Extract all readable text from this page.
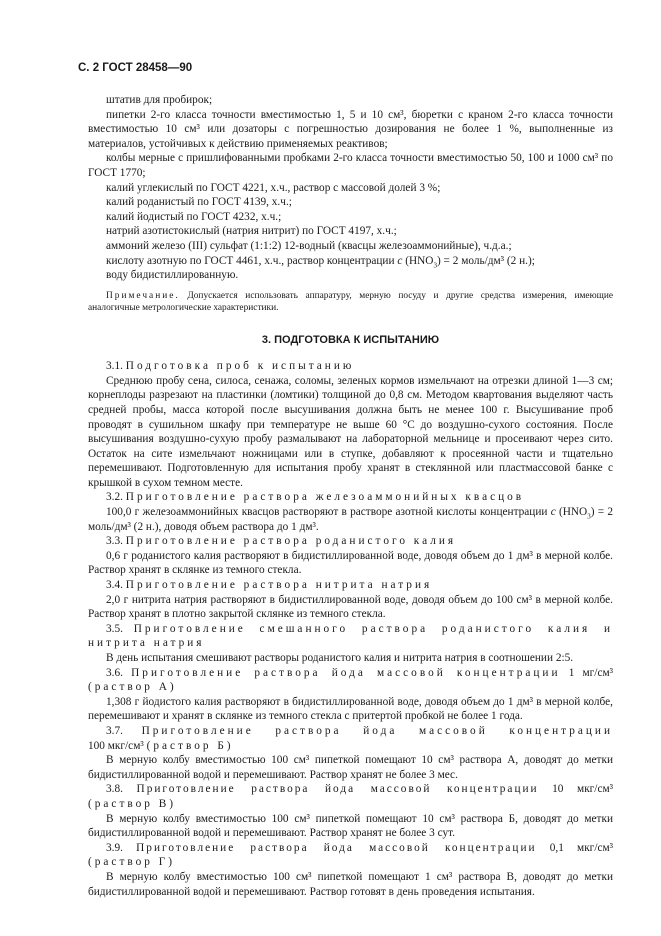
С. 2 ГОСТ 28458—90

штатив для пробирок;

пипетки 2-го класса точности вместимостью 1, 5 и 10 см³, бюретки с краном 2-го класса точности вместимостью 10 см³ или дозаторы с погрешностью дозирования не более 1 %, выполненные из материалов, устойчивых к действию применяемых реактивов;

колбы мерные с пришлифованными пробками 2-го класса точности вместимостью 50, 100 и 1000 см³ по ГОСТ 1770;

калий углекислый по ГОСТ 4221, х.ч., раствор с массовой долей 3 %;

калий роданистый по ГОСТ 4139, х.ч.;

калий йодистый по ГОСТ 4232, х.ч.;

натрий азотистокислый (натрия нитрит) по ГОСТ 4197, х.ч.;

аммоний железо (III) сульфат (1:1:2) 12-водный (квасцы железоаммонийные), ч.д.а.;

кислоту азотную по ГОСТ 4461, х.ч., раствор концентрации c $(HNO_3) = 2$ моль/дм³ (2 н.);

воду бидистиллированную.

Примечание. Допускается использовать аппаратуру, мерную посуду и другие средства измерения, имеющие аналогичные метрологические характеристики.

3. ПОДГОТОВКА К ИСПЫТАНИЮ

3.1. Подготовка проб к испытанию

Среднюю пробу сена, силоса, сенажа, соломы, зеленых кормов измельчают на отрезки длиной 1—3 см; корнеплоды разрезают на пластинки (ломтики) толщиной до 0,8 см. Методом квартования выделяют часть средней пробы, масса которой после высушивания должна быть не менее 100 г. Высушивание проб проводят в сушильном шкафу при температуре не выше 60 °С до воздушно-сухого состояния. После высушивания воздушно-сухую пробу размалывают на лабораторной мельнице и просеивают через сито. Остаток на сите измельчают ножницами или в ступке, добавляют к просеянной части и тщательно перемешивают. Подготовленную для испытания пробу хранят в стеклянной или пластмассовой банке с крышкой в сухом темном месте.

3.2. Приготовление раствора железоаммонийных квасцов

100,0 г железоаммонийных квасцов растворяют в растворе азотной кислоты концентрации c $(HNO_3) = 2$ моль/дм³ (2 н.), доводя объем раствора до 1 дм³.

3.3. Приготовление раствора роданистого калия

0,6 г роданистого калия растворяют в бидистиллированной воде, доводя объем до 1 дм³ в мерной колбе. Раствор хранят в склянке из темного стекла.

3.4. Приготовление раствора нитрита натрия

2,0 г нитрита натрия растворяют в бидистиллированной воде, доводя объем до 100 см³ в мерной колбе. Раствор хранят в плотно закрытой склянке из темного стекла.

3.5. Приготовление смешанного раствора роданистого калия и

нитрита натрия

В день испытания смешивают растворы роданистого калия и нитрита натрия в соотношении 2:5.

3.6. Приготовление раствора йода массовой концентрации 1 мг/см³

(раствор А)

1,308 г йодистого калия растворяют в бидистиллированной воде, доводя объем до 1 дм³ в мерной колбе, перемешивают и хранят в склянке из темного стекла с притертой пробкой не более 1 года.

3.7. Приготовление раствора йода массовой концентрации

100 мкг/см³ (раствор Б)

В мерную колбу вместимостью 100 см³ пипеткой помещают 10 см³ раствора А, доводят до метки бидистиллированной водой и перемешивают. Раствор хранят не более 3 мес.

3.8. Приготовление раствора йода массовой концентрации 10 мкг/см³

(раствор В)

В мерную колбу вместимостью 100 см³ пипеткой помещают 10 см³ раствора Б, доводят до метки бидистиллированной водой и перемешивают. Раствор хранят не более 3 сут.

3.9. Приготовление раствора йода массовой концентрации 0,1 мкг/см³

(раствор Г)

В мерную колбу вместимостью 100 см³ пипеткой помещают 1 см³ раствора В, доводят до метки бидистиллированной водой и перемешивают. Раствор готовят в день проведения испытания.
